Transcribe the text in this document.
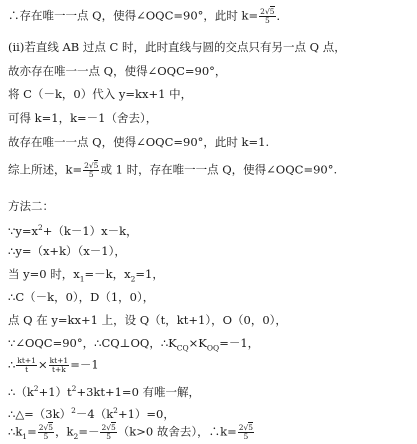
∴存在唯一一点 Q，使得∠OQC=90°，此时 $k= \frac{2√5}{5}$ ．
(ii)若直线 AB 过点 C 时，此时直线与圆的交点只有另一点 Q 点，
故亦存在唯一一点 Q，使得∠OQC=90°，
将 C（－k，0）代入 y=kx+1 中，
可得 k=1，k=－1（舍去），
故存在唯一一点 Q，使得∠OQC=90°，此时 k=1.
综上所述，$k= \frac{2√5}{5}$ 或 1 时，存在唯一一点 Q，使得∠OQC=90°.
方法二：
$\because y=x^2+(k-1)x-k$，
∴y=（x+k）（x－1），
当 y=0 时，$x_1=-k$，$x_2=1$，
∴C（－k，0），D（1，0），
点 Q 在 y=kx+1 上，设 Q（t，kt+1），O（0，0），
∵∠OQC=90°，∴CQ⊥OQ，$\therefore K_{CQ}\times K_{OQ}=-1$，
∴ $\frac{kt+1}{t} \times \frac{kt+1}{t+k} =-1$
$\therefore(k^2+1)t^2+3kt+1=0$ 有唯一解，
$\therefore\triangle=(3k)^2-4(k^2+1)=0$，
$\therefore k_1= \frac{2√5}{5}$ ，$k_2=- \frac{2√5}{5} (k>0$ 故舍去），∴k= $\frac{2√5}{5}$
